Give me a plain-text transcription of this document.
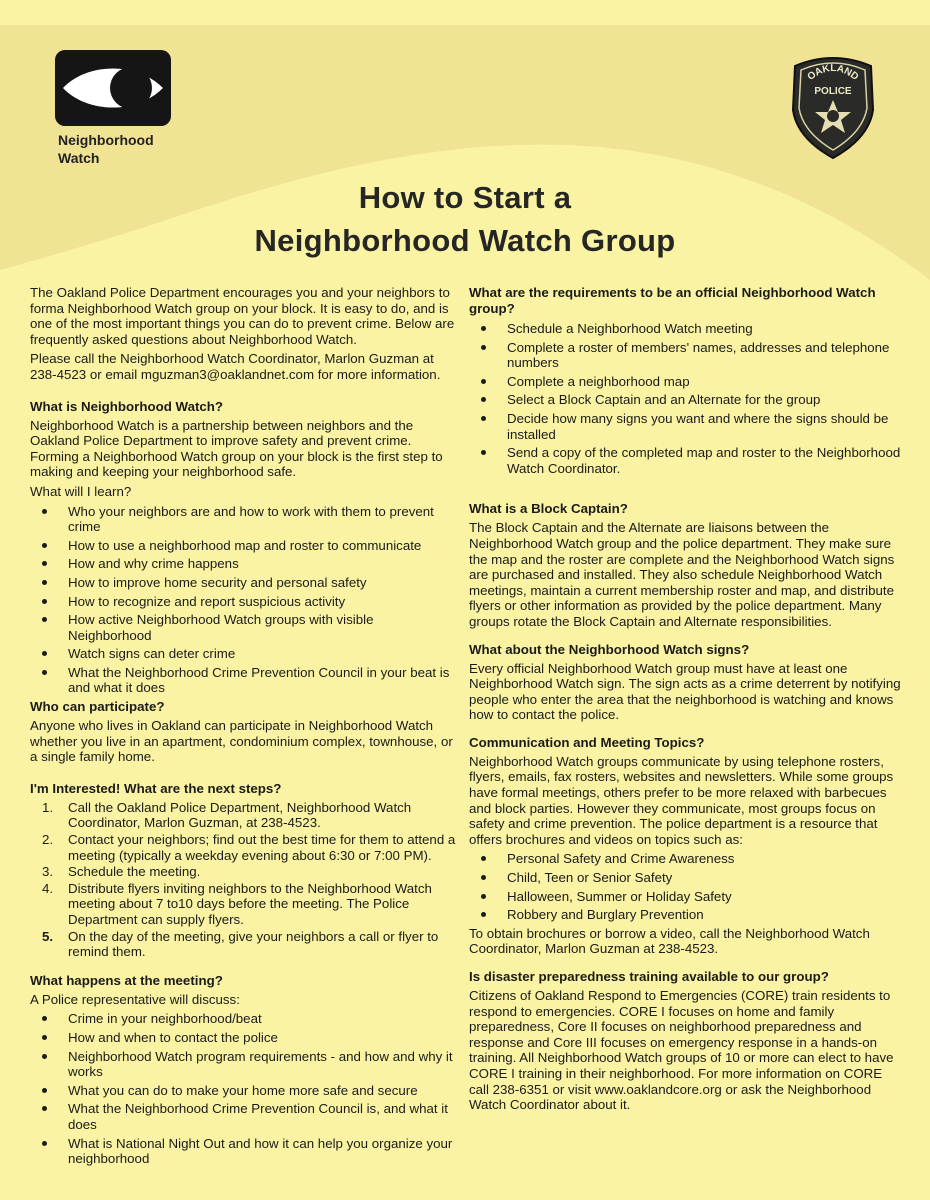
Neighborhood
Watch
OAKLAND
POLICE
How to Start a
Neighborhood Watch Group

The Oakland Police Department encourages you and your neighbors to forma Neighborhood Watch group on your block. It is easy to do, and is one of the most important things you can do to prevent crime. Below are frequently asked questions about Neighborhood Watch.

Please call the Neighborhood Watch Coordinator, Marlon Guzman at 238-4523 or email mguzman3@oaklandnet.com for more information.

What is Neighborhood Watch?

Neighborhood Watch is a partnership between neighbors and the Oakland Police Department to improve safety and prevent crime. Forming a Neighborhood Watch group on your block is the first step to making and keeping your neighborhood safe.

What will I learn?

Who your neighbors are and how to work with them to prevent crime
How to use a neighborhood map and roster to communicate
How and why crime happens
How to improve home security and personal safety
How to recognize and report suspicious activity
How active Neighborhood Watch groups with visible Neighborhood
Watch signs can deter crime
What the Neighborhood Crime Prevention Council in your beat is and what it does
Who can participate?

Anyone who lives in Oakland can participate in Neighborhood Watch whether you live in an apartment, condominium complex, townhouse, or a single family home.

I'm Interested! What are the next steps?
1. Call the Oakland Police Department, Neighborhood Watch Coordinator, Marlon Guzman, at 238-4523.
2. Contact your neighbors; find out the best time for them to attend a meeting (typically a weekday evening about 6:30 or 7:00 PM).
3. Schedule the meeting.
4. Distribute flyers inviting neighbors to the Neighborhood Watch meeting about 7 to10 days before the meeting. The Police Department can supply flyers.
5. On the day of the meeting, give your neighbors a call or flyer to remind them.
What happens at the meeting?

A Police representative will discuss:

Crime in your neighborhood/beat
How and when to contact the police
Neighborhood Watch program requirements - and how and why it works
What you can do to make your home more safe and secure
What the Neighborhood Crime Prevention Council is, and what it does
What is National Night Out and how it can help you organize your neighborhood
What are the requirements to be an official Neighborhood Watch group?
Schedule a Neighborhood Watch meeting
Complete a roster of members' names, addresses and telephone numbers
Complete a neighborhood map
Select a Block Captain and an Alternate for the group
Decide how many signs you want and where the signs should be installed
Send a copy of the completed map and roster to the Neighborhood Watch Coordinator.
What is a Block Captain?

The Block Captain and the Alternate are liaisons between the Neighborhood Watch group and the police department. They make sure the map and the roster are complete and the Neighborhood Watch signs are purchased and installed. They also schedule Neighborhood Watch meetings, maintain a current membership roster and map, and distribute flyers or other information as provided by the police department. Many groups rotate the Block Captain and Alternate responsibilities.

What about the Neighborhood Watch signs?

Every official Neighborhood Watch group must have at least one Neighborhood Watch sign. The sign acts as a crime deterrent by notifying people who enter the area that the neighborhood is watching and knows how to contact the police.

Communication and Meeting Topics?

Neighborhood Watch groups communicate by using telephone rosters, flyers, emails, fax rosters, websites and newsletters. While some groups have formal meetings, others prefer to be more relaxed with barbecues and block parties. However they communicate, most groups focus on safety and crime prevention. The police department is a resource that offers brochures and videos on topics such as:

Personal Safety and Crime Awareness
Child, Teen or Senior Safety
Halloween, Summer or Holiday Safety
Robbery and Burglary Prevention

To obtain brochures or borrow a video, call the Neighborhood Watch Coordinator, Marlon Guzman at 238-4523.

Is disaster preparedness training available to our group?

Citizens of Oakland Respond to Emergencies (CORE) train residents to respond to emergencies. CORE I focuses on home and family preparedness, Core II focuses on neighborhood preparedness and response and Core III focuses on emergency response in a hands-on training. All Neighborhood Watch groups of 10 or more can elect to have CORE I training in their neighborhood. For more information on CORE call 238-6351 or visit www.oaklandcore.org or ask the Neighborhood Watch Coordinator about it.
